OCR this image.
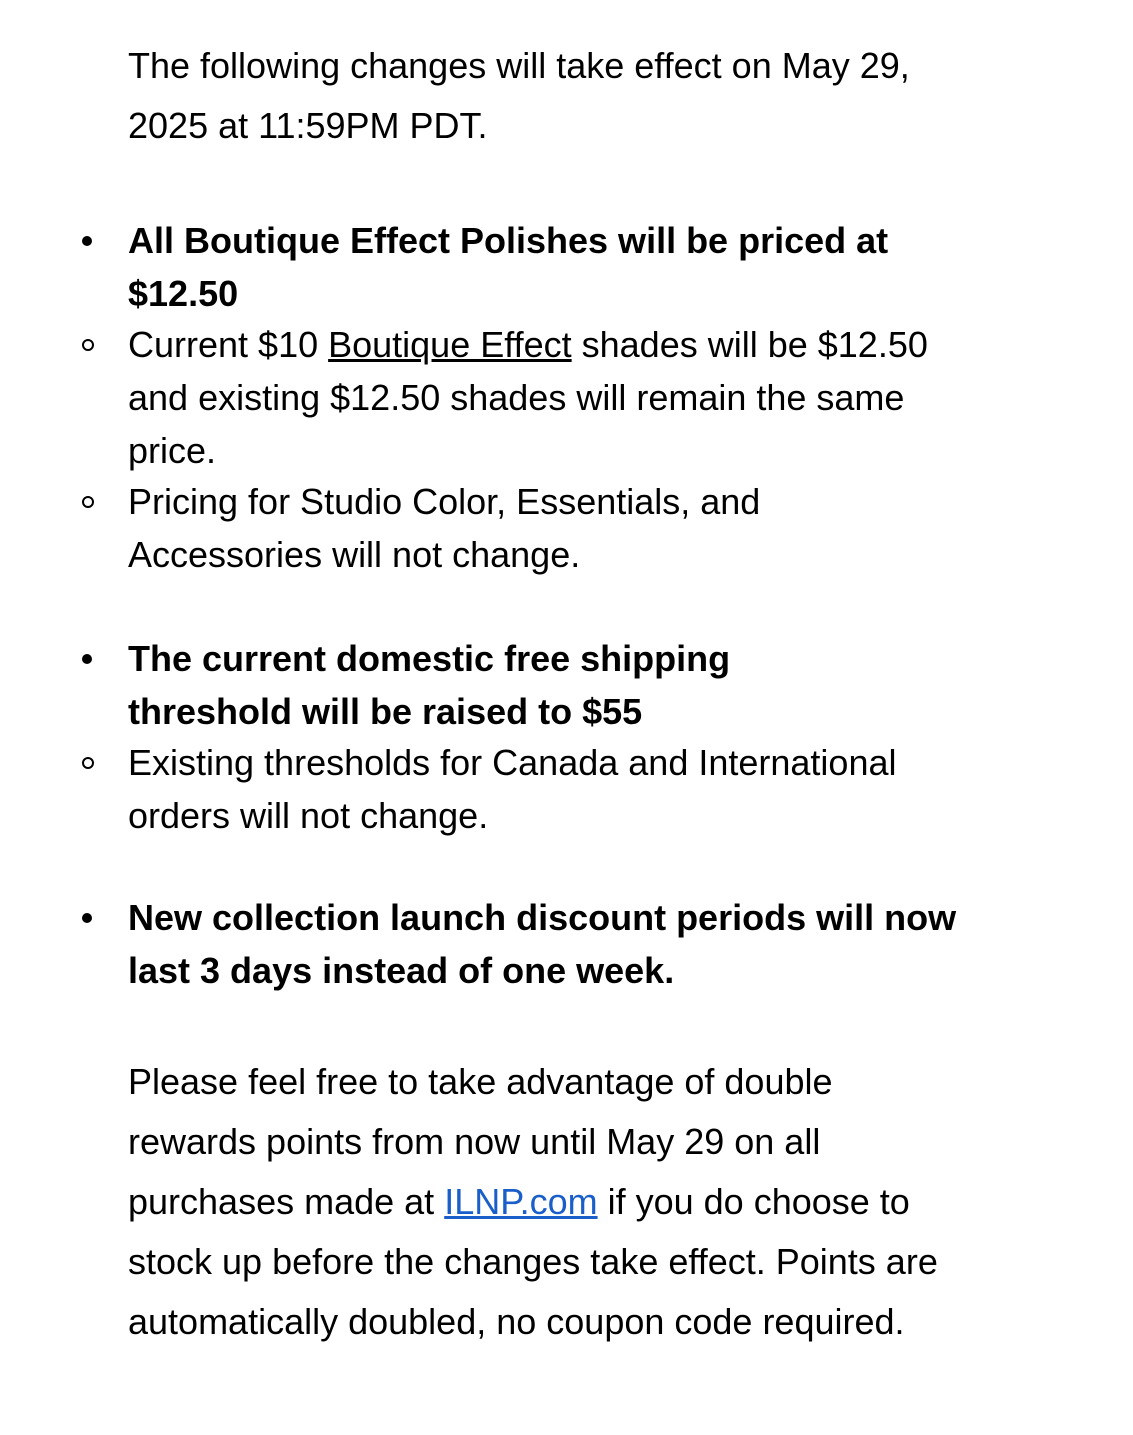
The following changes will take effect on May 29, 2025 at 11:59PM PDT.

All Boutique Effect Polishes will be priced at $12.50
Current $10 Boutique Effect shades will be $12.50 and existing $12.50 shades will remain the same price.
Pricing for Studio Color, Essentials, and Accessories will not change.
The current domestic free shipping threshold will be raised to $55
Existing thresholds for Canada and International orders will not change.
New collection launch discount periods will now last 3 days instead of one week.

Please feel free to take advantage of double rewards points from now until May 29 on all purchases made at ILNP.com if you do choose to stock up before the changes take effect. Points are automatically doubled, no coupon code required.
